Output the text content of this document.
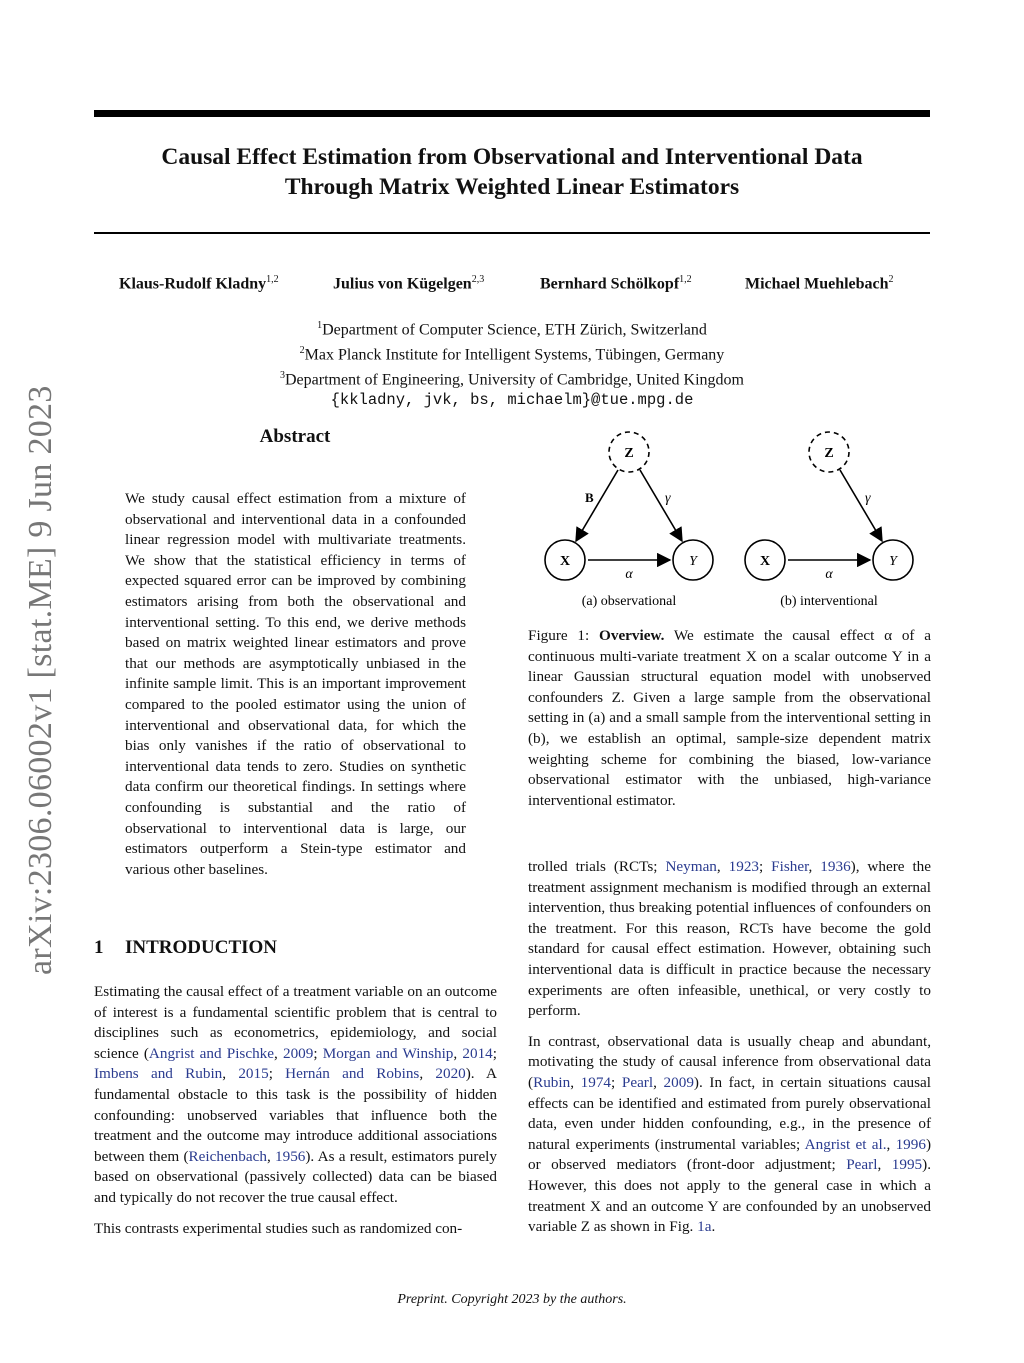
arXiv:2306.06002v1 [stat.ME] 9 Jun 2023
Causal Effect Estimation from Observational and Interventional Data
Through Matrix Weighted Linear Estimators
Klaus-Rudolf Kladny$^{1,2}$	Julius von Kügelgen$^{2,3}$	Bernhard Schölkopf$^{1,2}$	Michael Muehlebach$^2$
$^1$Department of Computer Science, ETH Zürich, Switzerland
$^2$Max Planck Institute for Intelligent Systems, Tübingen, Germany
$^3$Department of Engineering, University of Cambridge, United Kingdom
{kkladny, jvk, bs, michaelm}@tue.mpg.de
Abstract
We study causal effect estimation from a mixture of observational and interventional data in a confounded linear regression model with multivariate treatments. We show that the statistical efficiency in terms of expected squared error can be improved by combining estimators arising from both the observational and interventional setting. To this end, we derive methods based on matrix weighted linear estimators and prove that our methods are asymptotically unbiased in the infinite sample limit. This is an important improvement compared to the pooled estimator using the union of interventional and observational data, for which the bias only vanishes if the ratio of observational to interventional data tends to zero. Studies on synthetic data confirm our theoretical findings. In settings where confounding is substantial and the ratio of observational to interventional data is large, our estimators outperform a Stein-type estimator and various other baselines.
Z
X	Y
B	γ
α
(a) observational
Z
X	Y
γ
α
(b) interventional
Figure 1: Overview. We estimate the causal effect α of a continuous multi-variate treatment X on a scalar outcome Y in a linear Gaussian structural equation model with unobserved confounders Z. Given a large sample from the observational setting in (a) and a small sample from the interventional setting in (b), we establish an optimal, sample-size dependent matrix weighting scheme for combining the biased, low-variance observational estimator with the unbiased, high-variance interventional estimator.
1 INTRODUCTION

Estimating the causal effect of a treatment variable on an outcome of interest is a fundamental scientific problem that is central to disciplines such as econometrics, epidemiology, and social science (Angrist and Pischke, 2009; Morgan and Winship, 2014; Imbens and Rubin, 2015; Hernán and Robins, 2020). A fundamental obstacle to this task is the possibility of hidden confounding: unobserved variables that influence both the treatment and the outcome may introduce additional associations between them (Reichenbach, 1956). As a result, estimators purely based on observational (passively collected) data can be biased and typically do not recover the true causal effect.

This contrasts experimental studies such as randomized con-

trolled trials (RCTs; Neyman, 1923; Fisher, 1936), where the treatment assignment mechanism is modified through an external intervention, thus breaking potential influences of confounders on the treatment. For this reason, RCTs have become the gold standard for causal effect estimation. However, obtaining such interventional data is difficult in practice because the necessary experiments are often infeasible, unethical, or very costly to perform.

In contrast, observational data is usually cheap and abundant, motivating the study of causal inference from observational data (Rubin, 1974; Pearl, 2009). In fact, in certain situations causal effects can be identified and estimated from purely observational data, even under hidden confounding, e.g., in the presence of natural experiments (instrumental variables; Angrist et al., 1996) or observed mediators (front-door adjustment; Pearl, 1995). However, this does not apply to the general case in which a treatment X and an outcome Y are confounded by an unobserved variable Z as shown in Fig. 1a.

Preprint. Copyright 2023 by the authors.
